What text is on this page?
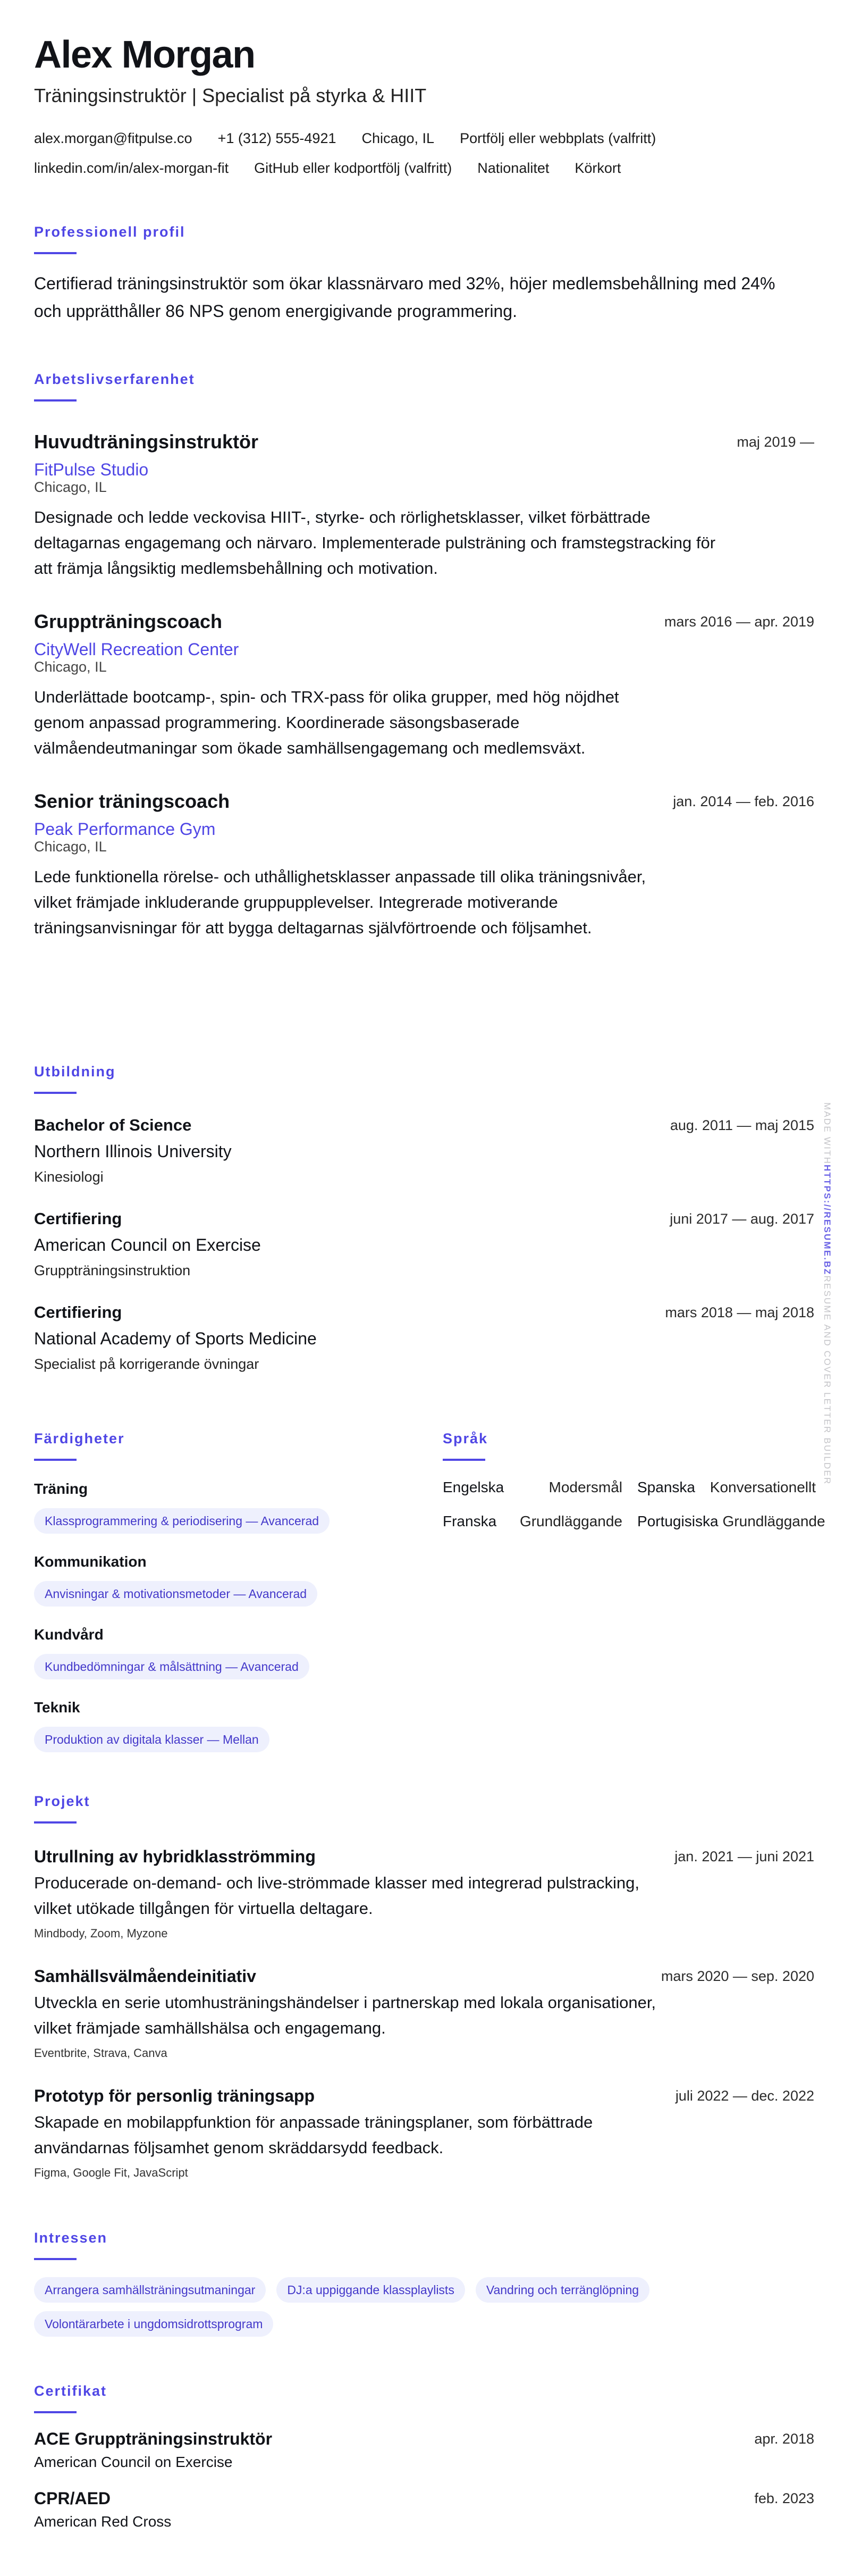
Alex Morgan
Träningsinstruktör | Specialist på styrka & HIIT
alex.morgan@fitpulse.co +1 (312) 555-4921 Chicago, IL Portfölj eller webbplats (valfritt)
linkedin.com/in/alex-morgan-fit GitHub eller kodportfölj (valfritt) Nationalitet Körkort
Professionell profil

Certifierad träningsinstruktör som ökar klassnärvaro med 32%, höjer medlemsbehållning med 24% och upprätthåller 86 NPS genom energigivande programmering.

Arbetslivserfarenhet
Huvudträningsinstruktör
FitPulse Studio
Chicago, IL

Designade och ledde veckovisa HIIT-, styrke- och rörlighetsklasser, vilket förbättrade deltagarnas engagemang och närvaro. Implementerade pulsträning och framstegstracking för att främja långsiktig medlemsbehållning och motivation.

maj 2019 —
Gruppträningscoach
CityWell Recreation Center
Chicago, IL

Underlättade bootcamp-, spin- och TRX-pass för olika grupper, med hög nöjdhet genom anpassad programmering. Koordinerade säsongsbaserade välmåendeutmaningar som ökade samhällsengagemang och medlemsväxt.

mars 2016 — apr. 2019
Senior träningscoach
Peak Performance Gym
Chicago, IL

Lede funktionella rörelse- och uthållighetsklasser anpassade till olika träningsnivåer, vilket främjade inkluderande gruppupplevelser. Integrerade motiverande träningsanvisningar för att bygga deltagarnas självförtroende och följsamhet.

jan. 2014 — feb. 2016
Utbildning
Bachelor of Science
Northern Illinois University
Kinesiologi
aug. 2011 — maj 2015
Certifiering
American Council on Exercise
Gruppträningsinstruktion
juni 2017 — aug. 2017
Certifiering
National Academy of Sports Medicine
Specialist på korrigerande övningar
mars 2018 — maj 2018
Färdigheter
Träning
Klassprogrammering & periodisering — Avancerad
Kommunikation
Anvisningar & motivationsmetoder — Avancerad
Kundvård
Kundbedömningar & målsättning — Avancerad
Teknik
Produktion av digitala klasser — Mellan
Språk
Engelska	Modersmål Spanska Konversationellt
Franska Grundläggande Portugisiska Grundläggande
Projekt
Utrullning av hybridklasströmming	jan. 2021 — juni 2021

Producerade on-demand- och live-strömmade klasser med integrerad pulstracking, vilket utökade tillgången för virtuella deltagare.

Mindbody, Zoom, Myzone
Samhällsvälmåendeinitiativ	mars 2020 — sep. 2020

Utveckla en serie utomhusträningshändelser i partnerskap med lokala organisationer, vilket främjade samhällshälsa och engagemang.

Eventbrite, Strava, Canva
Prototyp för personlig träningsapp	juli 2022 — dec. 2022

Skapade en mobilappfunktion för anpassade träningsplaner, som förbättrade användarnas följsamhet genom skräddarsydd feedback.

Figma, Google Fit, JavaScript
Intressen
Arrangera samhällsträningsutmaningar	DJ:a uppiggande klassplaylists	Vandring och terränglöpning
Volontärarbete i ungdomsidrottsprogram
Certifikat
ACE Gruppträningsinstruktör
American Council on Exercise
apr. 2018
CPR/AED
American Red Cross
feb. 2023
MADE WITHHTTPS://RESUME.BZRESUME AND COVER LETTER BUILDER
